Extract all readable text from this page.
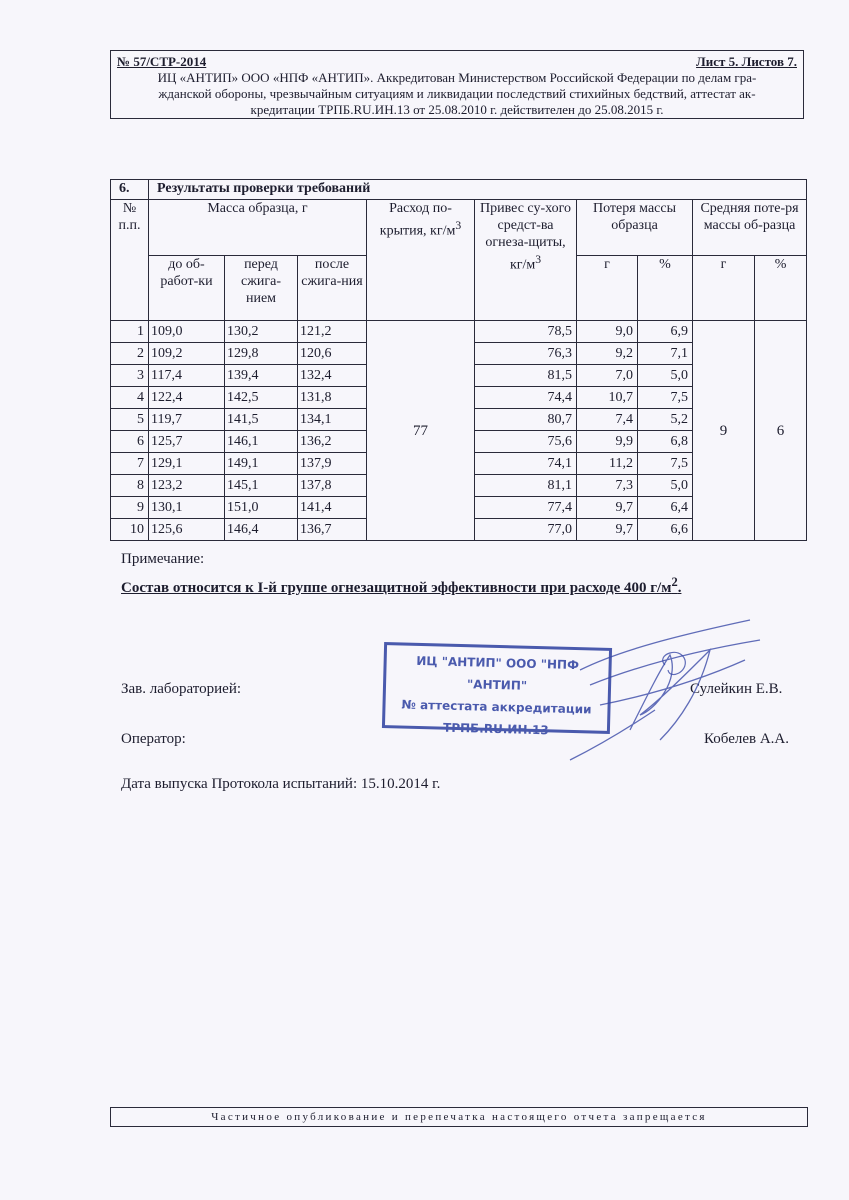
№ 57/СТР-2014	Лист 5. Листов 7.
ИЦ «АНТИП» ООО «НПФ «АНТИП». Аккредитован Министерством Российской Федерации по делам гра-
жданской обороны, чрезвычайным ситуациям и ликвидации последствий стихийных бедствий, аттестат ак-
кредитации ТРПБ.RU.ИН.13 от 25.08.2010 г. действителен до 25.08.2015 г.
6.	Результаты проверки требований								
№ п.п.	Масса образца, г			Расход по-крытия, $кг/м^3$	Привес су-хого средст-ва огнеза-щиты, $кг/м^3$	Потеря массы образца		Средняя поте-ря массы об-разца	
	до об-работ-ки	перед сжига-нием	после сжига-ния			г	%	г	%
1	109,0	130,2	121,2	77	78,5	9,0	6,9	9	6
2	109,2	129,8	120,6		76,3	9,2	7,1		
3	117,4	139,4	132,4		81,5	7,0	5,0		
4	122,4	142,5	131,8		74,4	10,7	7,5		
5	119,7	141,5	134,1		80,7	7,4	5,2		
6	125,7	146,1	136,2		75,6	9,9	6,8		
7	129,1	149,1	137,9		74,1	11,2	7,5		
8	123,2	145,1	137,8		81,1	7,3	5,0		
9	130,1	151,0	141,4		77,4	9,7	6,4		
10	125,6	146,4	136,7		77,0	9,7	6,6		
Примечание:
Состав относится к I-й группе огнезащитной эффективности при расходе 400 $г/м^2$.
Зав. лабораторией:	Сулейкин Е.В.
Оператор:	Кобелев А.А.
Дата выпуска Протокола испытаний: 15.10.2014 г.
ИЦ "АНТИП" ООО "НПФ "АНТИП"
№ аттестата аккредитации
ТРПБ.RU.ИН.13
Частичное опубликование и перепечатка настоящего отчета запрещается
